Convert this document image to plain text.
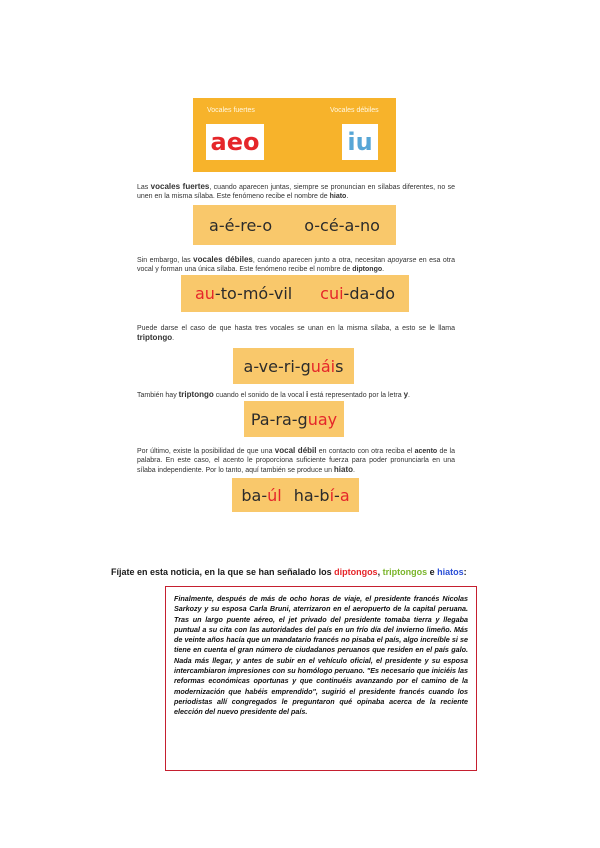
Vocales fuertes	Vocales débiles
aeo	iu
Las vocales fuertes, cuando aparecen juntas, siempre se pronuncian en sílabas diferentes, no se unen en la misma sílaba. Este fenómeno recibe el nombre de hiato.
a-é-re-o o-cé-a-no
Sin embargo, las vocales débiles, cuando aparecen junto a otra, necesitan apoyarse en esa otra vocal y forman una única sílaba. Este fenómeno recibe el nombre de diptongo.
au-to-mó-vil cui-da-do
Puede darse el caso de que hasta tres vocales se unan en la misma sílaba, a esto se le llama triptongo.
a-ve-ri-guáis
También hay triptongo cuando el sonido de la vocal i está representado por la letra y.
Pa-ra-guay
Por último, existe la posibilidad de que una vocal débil en contacto con otra reciba el acento de la palabra. En este caso, el acento le proporciona suficiente fuerza para poder pronunciarla en una sílaba independiente. Por lo tanto, aquí también se produce un hiato.
ba-úl ha-bí-a
Fíjate en esta noticia, en la que se han señalado los diptongos, triptongos e hiatos:

Finalmente, después de más de ocho horas de viaje, el presidente francés Nicolas Sarkozy y su esposa Carla Bruni, aterrizaron en el aeropuerto de la capital peruana. Tras un largo puente aéreo, el jet privado del presidente tomaba tierra y llegaba puntual a su cita con las autoridades del país en un frío día del invierno limeño. Más de veinte años hacía que un mandatario francés no pisaba el país, algo increíble si se tiene en cuenta el gran número de ciudadanos peruanos que residen en el país galo. Nada más llegar, y antes de subir en el vehículo oficial, el presidente y su esposa intercambiaron impresiones con su homólogo peruano. "Es necesario que iniciéis las reformas económicas oportunas y que continuéis avanzando por el camino de la modernización que habéis emprendido", sugirió el presidente francés cuando los periodistas allí congregados le preguntaron qué opinaba acerca de la reciente elección del nuevo presidente del país.
